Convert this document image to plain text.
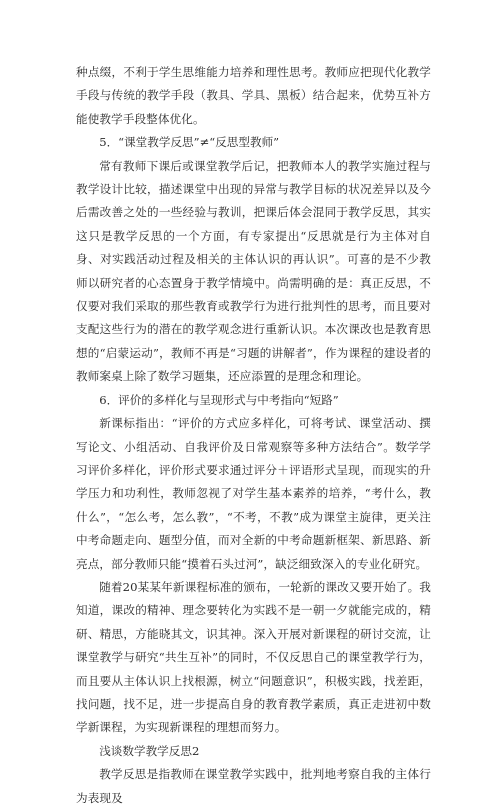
种点缀，不利于学生思维能力培养和理性思考。教师应把现代化教学手段与传统的教学手段（教具、学具、黑板）结合起来，优势互补方能使教学手段整体优化。

5．“课堂教学反思”≠“反思型教师”

常有教师下课后或课堂教学后记，把教师本人的教学实施过程与教学设计比较，描述课堂中出现的异常与教学目标的状况差异以及今后需改善之处的一些经验与教训，把课后体会混同于教学反思，其实这只是教学反思的一个方面，有专家提出“反思就是行为主体对自身、对实践活动过程及相关的主体认识的再认识”。可喜的是不少教师以研究者的心态置身于教学情境中。尚需明确的是：真正反思，不仅要对我们采取的那些教育或教学行为进行批判性的思考，而且要对支配这些行为的潜在的教学观念进行重新认识。本次课改也是教育思想的“启蒙运动”，教师不再是“习题的讲解者”，作为课程的建设者的教师案桌上除了数学习题集，还应添置的是理念和理论。

6．评价的多样化与呈现形式与中考指向“短路”

新课标指出：“评价的方式应多样化，可将考试、课堂活动、撰写论文、小组活动、自我评价及日常观察等多种方法结合”。数学学习评价多样化，评价形式要求通过评分＋评语形式呈现，而现实的升学压力和功利性，教师忽视了对学生基本素养的培养，“考什么，教什么”，“怎么考，怎么教”，“不考，不教”成为课堂主旋律，更关注中考命题走向、题型分值，而对全新的中考命题新框架、新思路、新亮点，部分教师只能“摸着石头过河”，缺泛细致深入的专业化研究。

随着20某某年新课程标准的颁布，一轮新的课改又要开始了。我知道，课改的精神、理念要转化为实践不是一朝一夕就能完成的，精研、精思，方能晓其文，识其神。深入开展对新课程的研讨交流，让课堂教学与研究“共生互补”的同时，不仅反思自己的课堂教学行为，而且要从主体认识上找根源，树立“问题意识”，积极实践，找差距，找问题，找不足，进一步提高自身的教育教学素质，真正走进初中数学新课程，为实现新课程的理想而努力。

浅谈数学教学反思2

教学反思是指教师在课堂教学实践中，批判地考察自我的主体行为表现及
